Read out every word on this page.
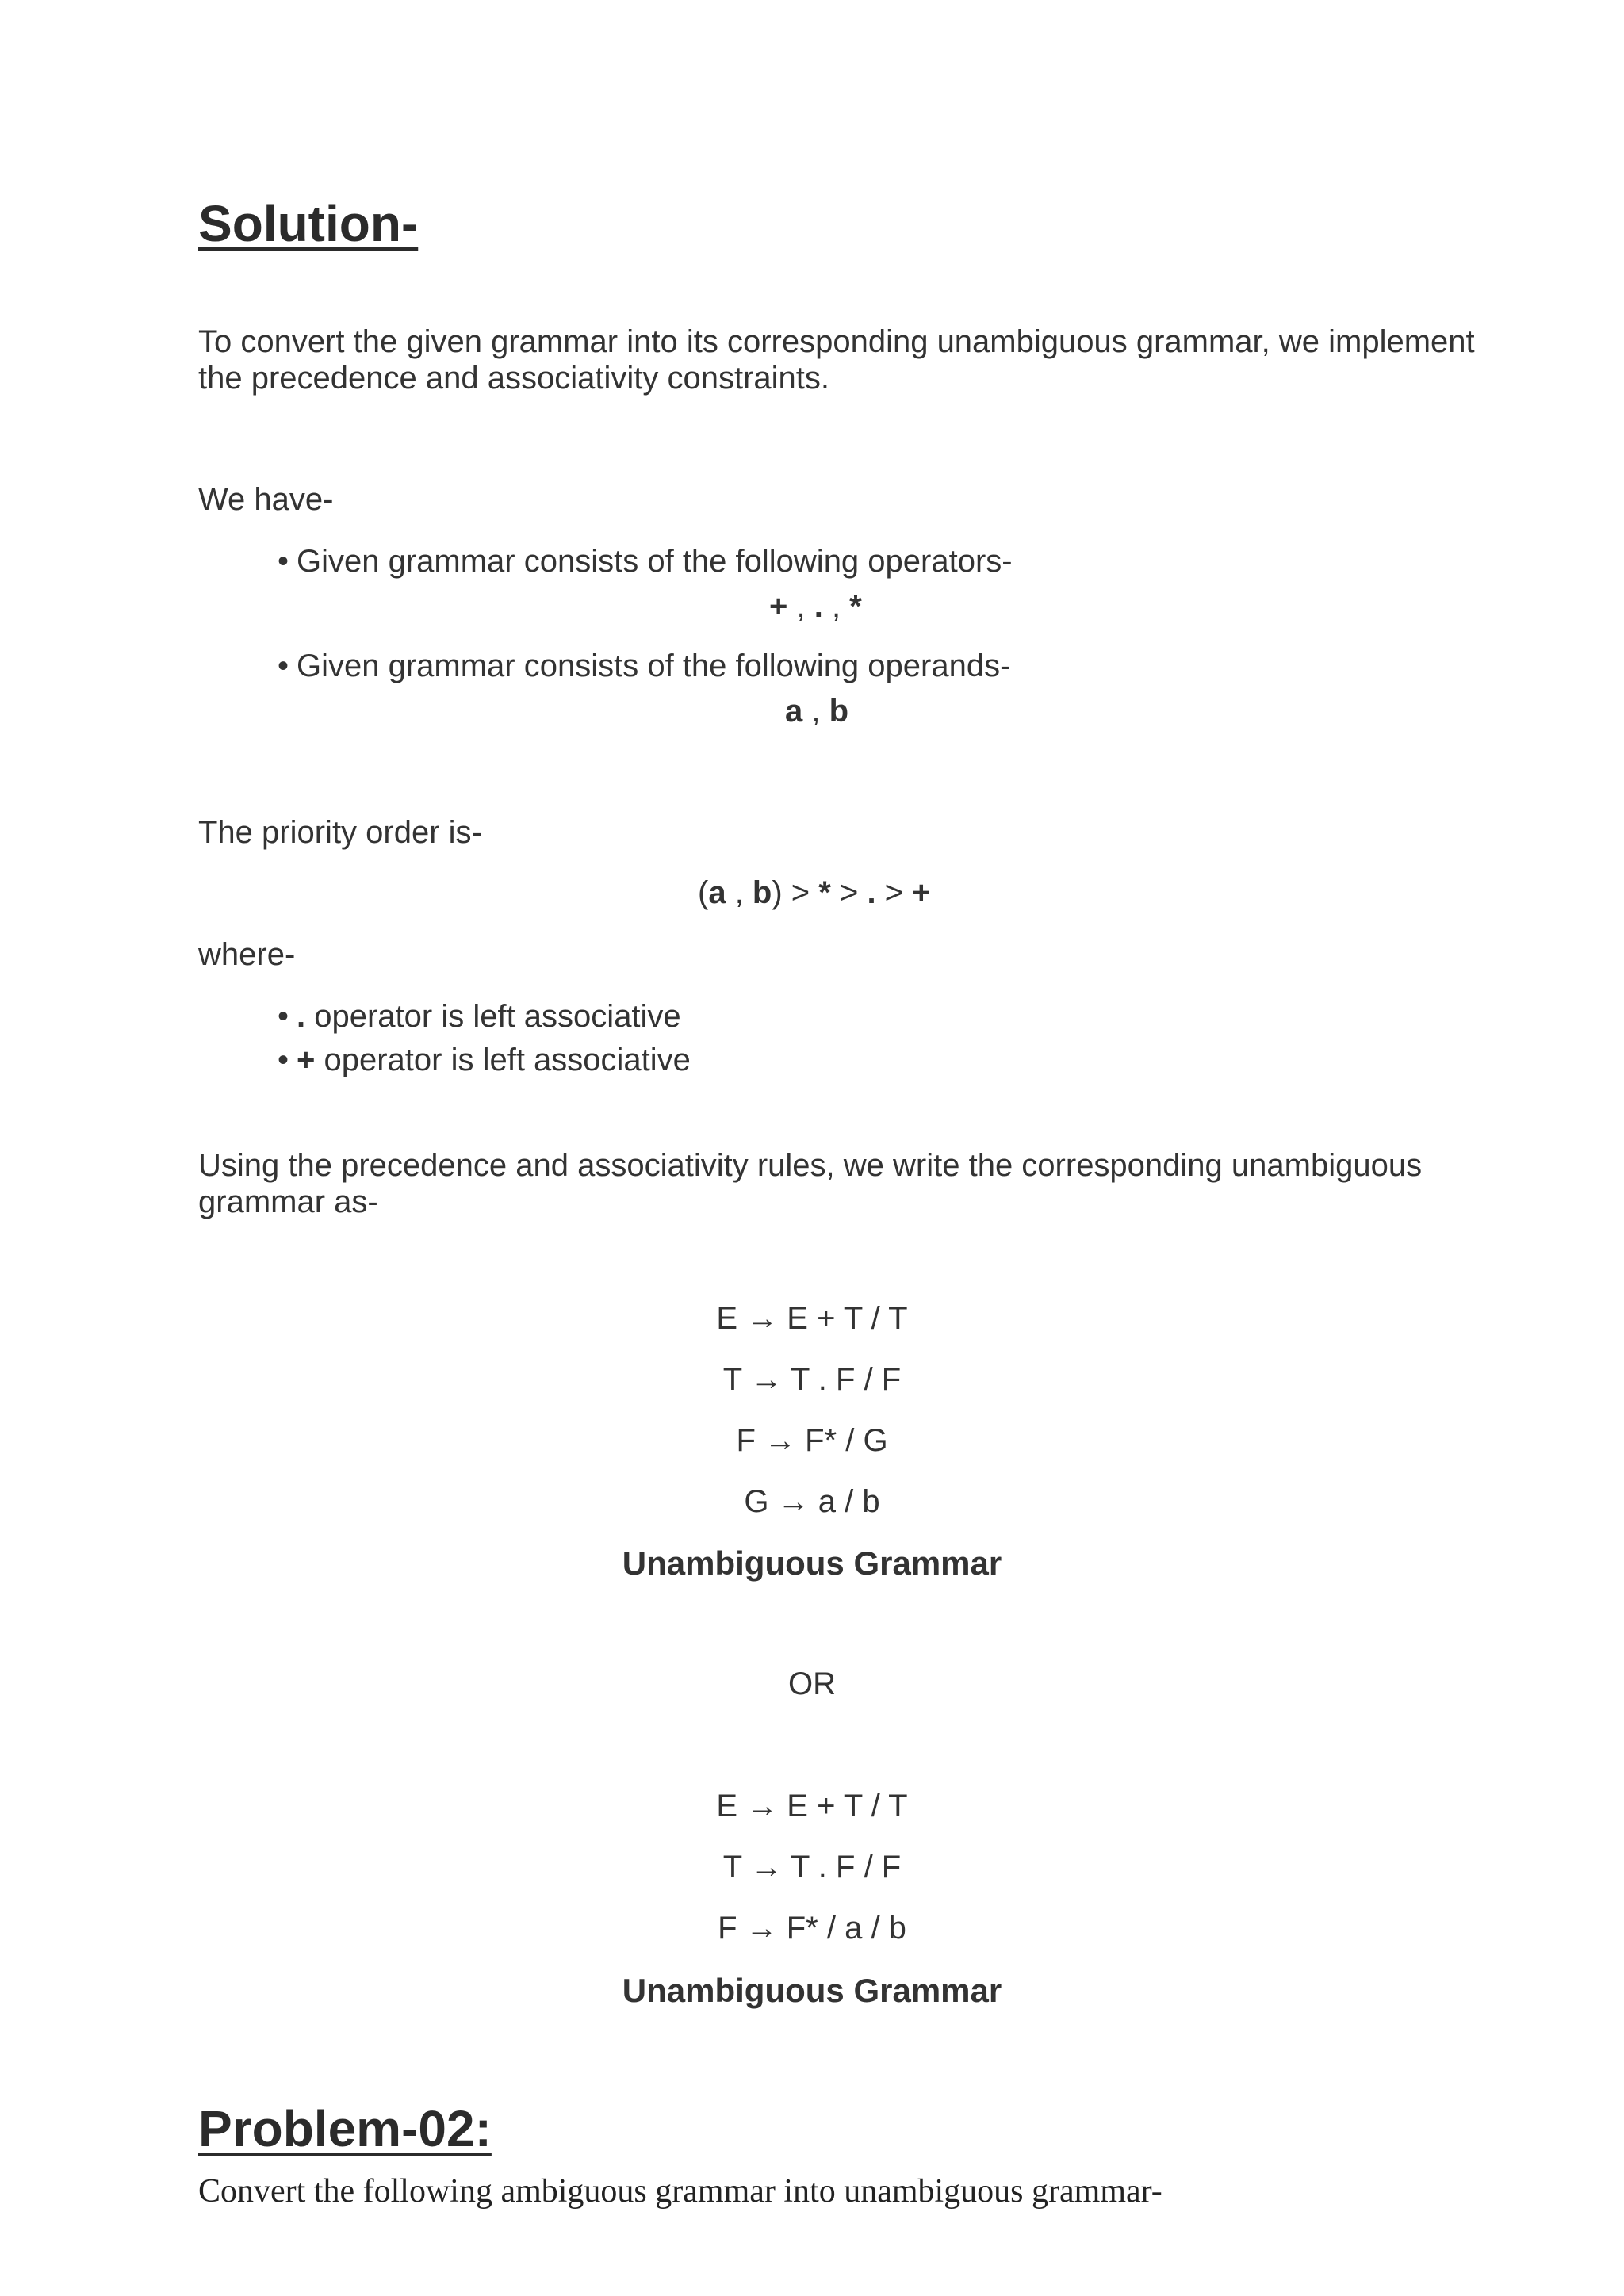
Solution-
To convert the given grammar into its corresponding unambiguous grammar, we implement the precedence and associativity constraints.
We have-
• Given grammar consists of the following operators-
+ , . , *
• Given grammar consists of the following operands-
a , b
The priority order is-
(a , b) > * > . > +
where-
• . operator is left associative
• + operator is left associative
Using the precedence and associativity rules, we write the corresponding unambiguous grammar as-
E → E + T / T
T → T . F / F
F → F* / G
G → a / b
Unambiguous Grammar
OR
E → E + T / T
T → T . F / F
F → F* / a / b
Unambiguous Grammar
Problem-02:
Convert the following ambiguous grammar into unambiguous grammar-
